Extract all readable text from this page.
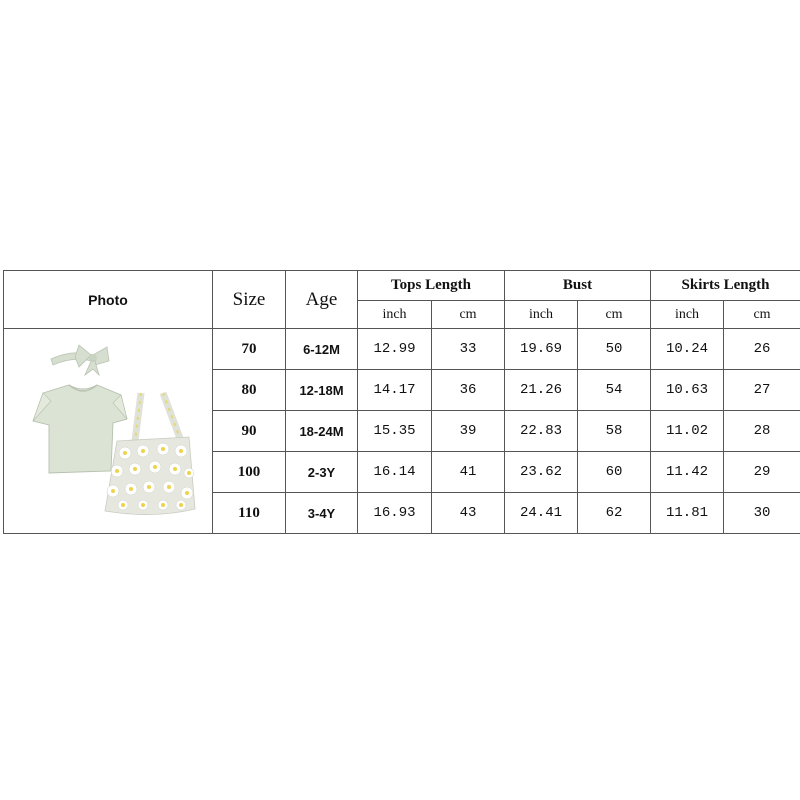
Photo	Size	Age	Tops Length		Bust		Skirts Length	
			inch	cm	inch	cm	inch	cm

	70	6-12M	12.99	33	19.69	50	10.24	26
	80	12-18M	14.17	36	21.26	54	10.63	27
	90	18-24M	15.35	39	22.83	58	11.02	28
	100	2-3Y	16.14	41	23.62	60	11.42	29
	110	3-4Y	16.93	43	24.41	62	11.81	30
